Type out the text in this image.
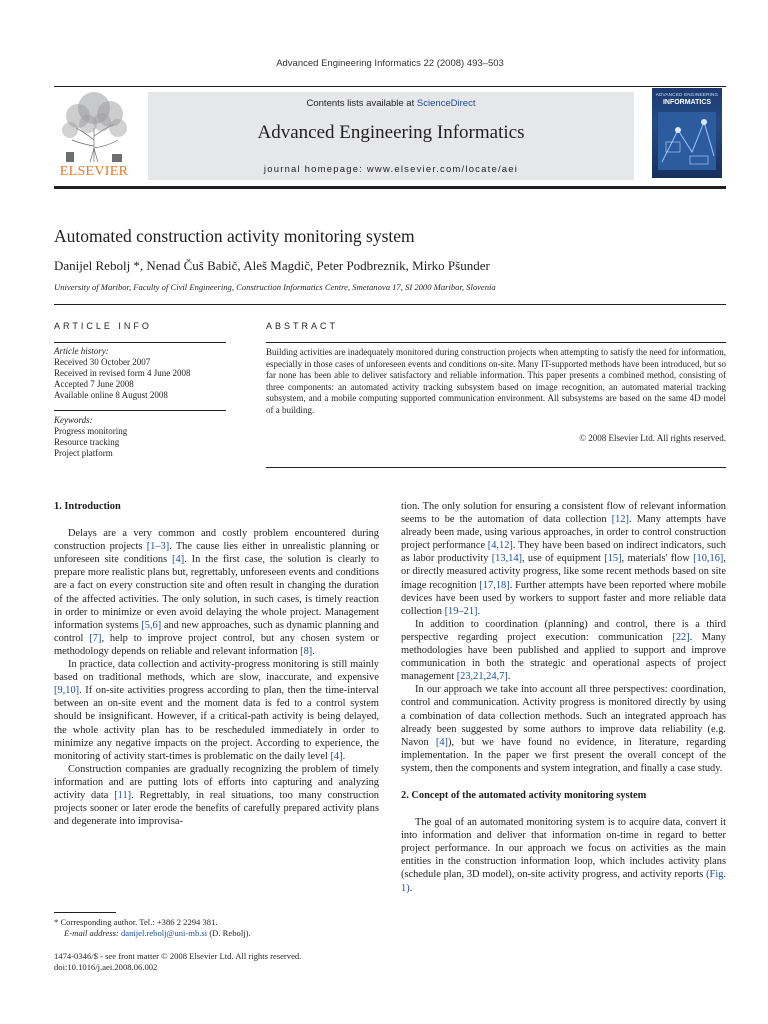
Advanced Engineering Informatics 22 (2008) 493–503
ELSEVIER
Contents lists available at ScienceDirect
Advanced Engineering Informatics
journal homepage: www.elsevier.com/locate/aei
ADVANCED ENGINEERING
INFORMATICS
Automated construction activity monitoring system
Danijel Rebolj *, Nenad Čuš Babič, Aleš Magdič, Peter Podbreznik, Mirko Pšunder
University of Maribor, Faculty of Civil Engineering, Construction Informatics Centre, Smetanova 17, SI 2000 Maribor, Slovenia
ARTICLE INFO	ABSTRACT
Article history:
Received 30 October 2007
Received in revised form 4 June 2008
Accepted 7 June 2008
Available online 8 August 2008
Keywords:
Progress monitoring
Resource tracking
Project platform
Building activities are inadequately monitored during construction projects when attempting to satisfy the need for information, especially in those cases of unforeseen events and conditions on-site. Many IT-supported methods have been introduced, but so far none has been able to deliver satisfactory and reliable information. This paper presents a combined method, consisting of three components: an automated activity tracking subsystem based on image recognition, an automated material tracking subsystem, and a mobile computing supported communication environment. All subsystems are based on the same 4D model of a building.
© 2008 Elsevier Ltd. All rights reserved.

1. Introduction

Delays are a very common and costly problem encountered during construction projects [1–3]. The cause lies either in unrealistic planning or unforeseen site conditions [4]. In the first case, the solution is clearly to prepare more realistic plans but, regrettably, unforeseen events and conditions are a fact on every construction site and often result in changing the duration of the affected activities. The only solution, in such cases, is timely reaction in order to minimize or even avoid delaying the whole project. Management information systems [5,6] and new approaches, such as dynamic planning and control [7], help to improve project control, but any chosen system or methodology depends on reliable and relevant information [8].

In practice, data collection and activity-progress monitoring is still mainly based on traditional methods, which are slow, inaccurate, and expensive [9,10]. If on-site activities progress according to plan, then the time-interval between an on-site event and the moment data is fed to a control system should be insignificant. However, if a critical-path activity is being delayed, the whole activity plan has to be rescheduled immediately in order to minimize any negative impacts on the project. According to experience, the monitoring of activity start-times is problematic on the daily level [4].

Construction companies are gradually recognizing the problem of timely information and are putting lots of efforts into capturing and analyzing activity data [11]. Regrettably, in real situations, too many construction projects sooner or later erode the benefits of carefully prepared activity plans and degenerate into improvisa-

tion. The only solution for ensuring a consistent flow of relevant information seems to be the automation of data collection [12]. Many attempts have already been made, using various approaches, in order to control construction project performance [4,12]. They have been based on indirect indicators, such as labor productivity [13,14], use of equipment [15], materials' flow [10,16], or directly measured activity progress, like some recent methods based on site image recognition [17,18]. Further attempts have been reported where mobile devices have been used by workers to support faster and more reliable data collection [19–21].

In addition to coordination (planning) and control, there is a third perspective regarding project execution: communication [22]. Many methodologies have been published and applied to support and improve communication in both the strategic and operational aspects of project management [23,21,24,7].

In our approach we take into account all three perspectives: coordination, control and communication. Activity progress is monitored directly by using a combination of data collection methods. Such an integrated approach has already been suggested by some authors to improve data reliability (e.g. Navon [4]), but we have found no evidence, in literature, regarding implementation. In the paper we first present the overall concept of the system, then the components and system integration, and finally a case study.

2. Concept of the automated activity monitoring system

The goal of an automated monitoring system is to acquire data, convert it into information and deliver that information on-time in regard to better project performance. In our approach we focus on activities as the main entities in the construction information loop, which includes activity plans (schedule plan, 3D model), on-site activity progress, and activity reports (Fig. 1).

* Corresponding author. Tel.: +386 2 2294 381.
E-mail address: danijel.rebolj@uni-mb.si (D. Rebolj).
1474-0346/$ - see front matter © 2008 Elsevier Ltd. All rights reserved.
doi:10.1016/j.aei.2008.06.002
